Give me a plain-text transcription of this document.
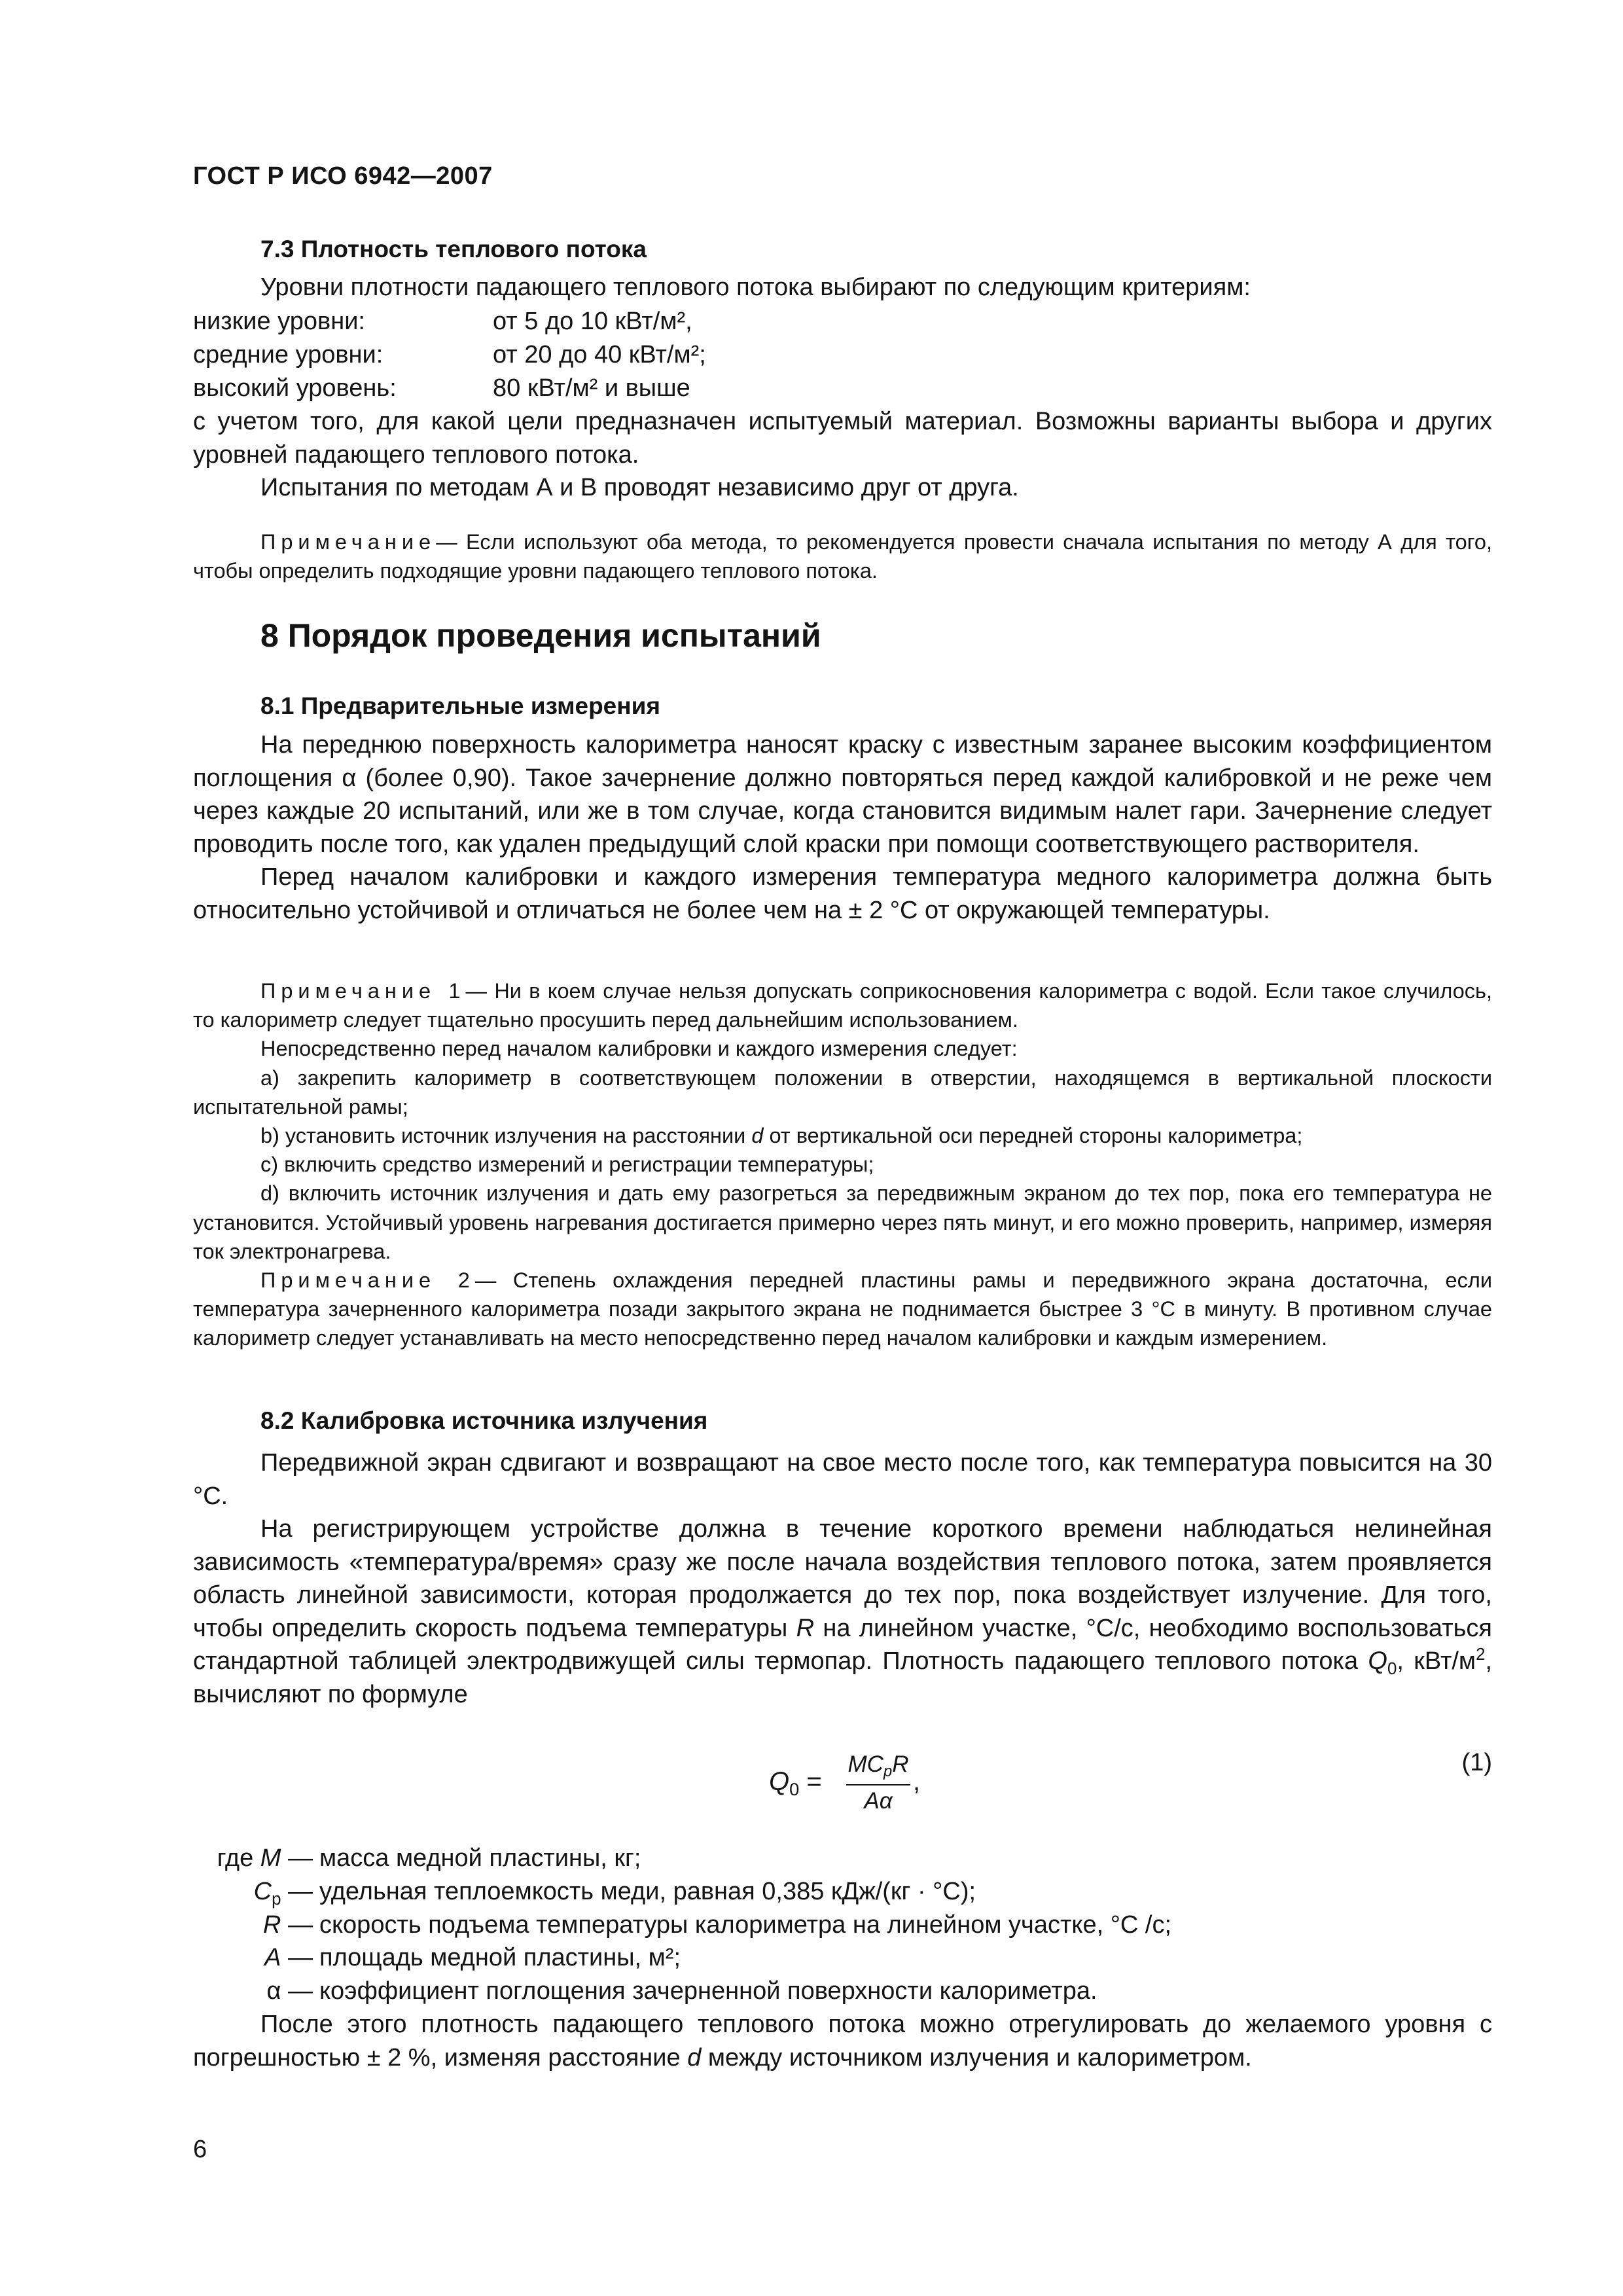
ГОСТ Р ИСО 6942—2007
7.3 Плотность теплового потока

Уровни плотности падающего теплового потока выбирают по следующим критериям:

низкие уровни:	от 5 до 10 кВт/м²,
средние уровни:	от 20 до 40 кВт/м²;
высокий уровень:	80 кВт/м² и выше

с учетом того, для какой цели предназначен испытуемый материал. Возможны варианты выбора и других уровней падающего теплового потока.

Испытания по методам А и В проводят независимо друг от друга.

Примечание— Если используют оба метода, то рекомендуется провести сначала испытания по методу А для того, чтобы определить подходящие уровни падающего теплового потока.

8 Порядок проведения испытаний
8.1 Предварительные измерения

На переднюю поверхность калориметра наносят краску с известным заранее высоким коэффициентом поглощения α (более 0,90). Такое зачернение должно повторяться перед каждой калибровкой и не реже чем через каждые 20 испытаний, или же в том случае, когда становится видимым налет гари. Зачернение следует проводить после того, как удален предыдущий слой краски при помощи соответствующего растворителя.

Перед началом калибровки и каждого измерения температура медного калориметра должна быть относительно устойчивой и отличаться не более чем на ± 2 °С от окружающей температуры.

Примечание 1— Ни в коем случае нельзя допускать соприкосновения калориметра с водой. Если такое случилось, то калориметр следует тщательно просушить перед дальнейшим использованием.

Непосредственно перед началом калибровки и каждого измерения следует:

а) закрепить калориметр в соответствующем положении в отверстии, находящемся в вертикальной плоскости испытательной рамы;

b) установить источник излучения на расстоянии d от вертикальной оси передней стороны калориметра;

с) включить средство измерений и регистрации температуры;

d) включить источник излучения и дать ему разогреться за передвижным экраном до тех пор, пока его температура не установится. Устойчивый уровень нагревания достигается примерно через пять минут, и его можно проверить, например, измеряя ток электронагрева.

Примечание 2— Степень охлаждения передней пластины рамы и передвижного экрана достаточна, если температура зачерненного калориметра позади закрытого экрана не поднимается быстрее 3 °С в минуту. В противном случае калориметр следует устанавливать на место непосредственно перед началом калибровки и каждым измерением.

8.2 Калибровка источника излучения

Передвижной экран сдвигают и возвращают на свое место после того, как температура повысится на 30 °С.

На регистрирующем устройстве должна в течение короткого времени наблюдаться нелинейная зависимость «температура/время» сразу же после начала воздействия теплового потока, затем проявляется область линейной зависимости, которая продолжается до тех пор, пока воздействует излучение. Для того, чтобы определить скорость подъема температуры R на линейном участке, °С/с, необходимо воспользоваться стандартной таблицей электродвижущей силы термопар. Плотность падающего теплового потока $Q_0$, кВт/$м^2$, вычисляют по формуле

$Q_0$ =
$MC_pR$
Aα
,
(1)
где M — масса медной пластины, кг;
$C_p$ — удельная теплоемкость меди, равная 0,385 кДж/(кг · °С);
R — скорость подъема температуры калориметра на линейном участке, °С /с;
A — площадь медной пластины, м²;
α — коэффициент поглощения зачерненной поверхности калориметра.

После этого плотность падающего теплового потока можно отрегулировать до желаемого уровня с погрешностью ± 2 %, изменяя расстояние d между источником излучения и калориметром.

6
